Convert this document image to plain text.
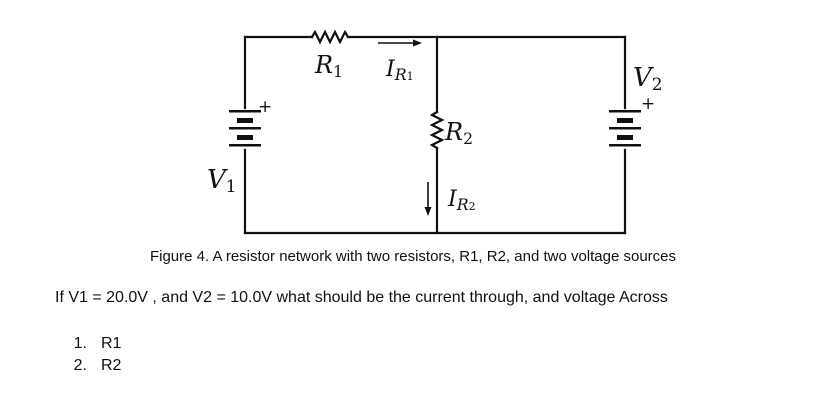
R1 IR1
R2
IR2
V1
V2
+	+

Figure 4. A resistor network with two resistors, R1, R2, and two voltage sources

If V1 = 20.0V , and V2 = 10.0V what should be the current through, and voltage Across

1. R1
2. R2
